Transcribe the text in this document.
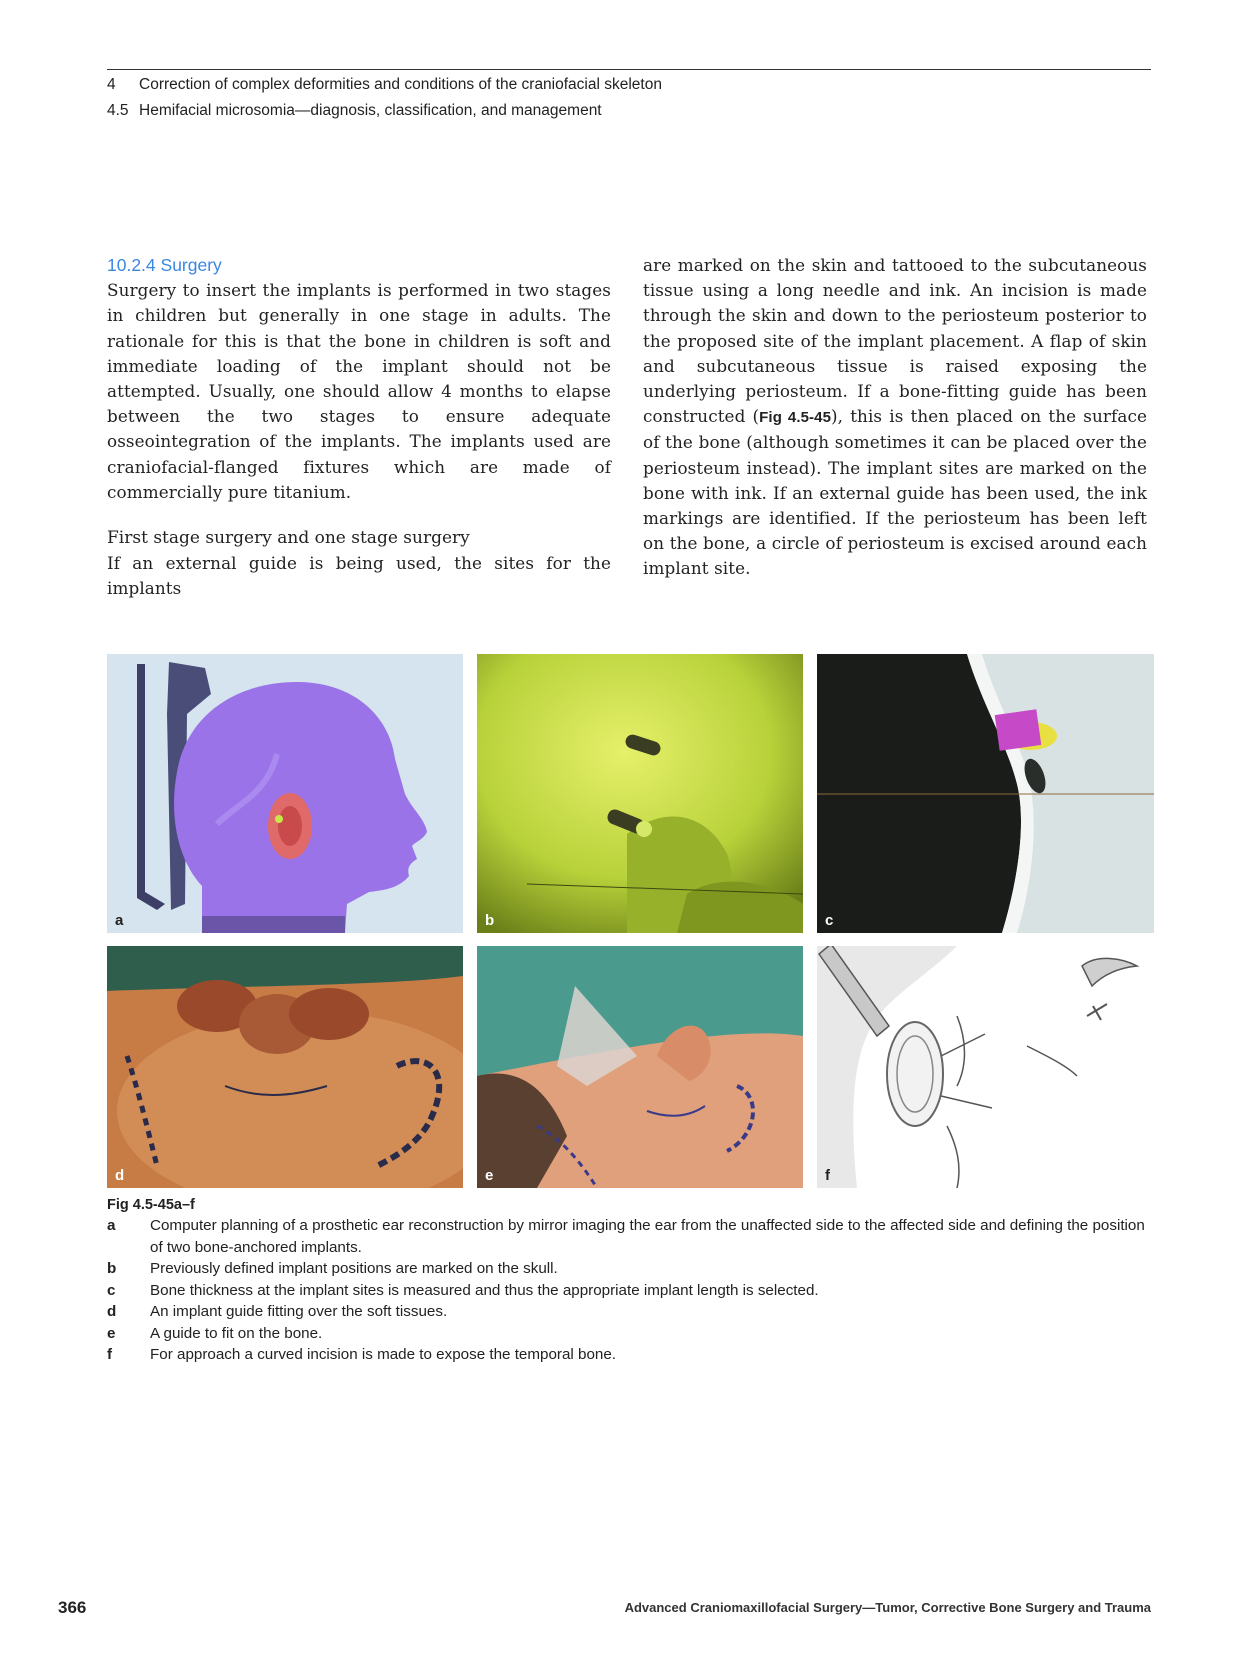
4 Correction of complex deformities and conditions of the craniofacial skeleton
4.5 Hemifacial microsomia—diagnosis, classification, and management
10.2.4 Surgery

Surgery to insert the implants is performed in two stages in children but generally in one stage in adults. The rationale for this is that the bone in children is soft and immediate loading of the implant should not be attempted. Usually, one should allow 4 months to elapse between the two stages to ensure adequate osseointegration of the implants. The implants used are craniofacial-flanged fixtures which are made of commercially pure titanium.

First stage surgery and one stage surgery

If an external guide is being used, the sites for the implants

are marked on the skin and tattooed to the subcutaneous tissue using a long needle and ink. An incision is made through the skin and down to the periosteum posterior to the proposed site of the implant placement. A flap of skin and subcutaneous tissue is raised exposing the underlying periosteum. If a bone-fitting guide has been constructed (Fig 4.5-45), this is then placed on the surface of the bone (although sometimes it can be placed over the periosteum instead). The implant sites are marked on the bone with ink. If an external guide has been used, the ink markings are identified. If the periosteum has been left on the bone, a circle of periosteum is excised around each implant site.

a	b	c
d	e	f
Fig 4.5-45a–f
a	Computer planning of a prosthetic ear reconstruction by mirror imaging the ear from the unaffected side to the affected side and defining the position of two bone-anchored implants.
b	Previously defined implant positions are marked on the skull.
c	Bone thickness at the implant sites is measured and thus the appropriate implant length is selected.
d	An implant guide fitting over the soft tissues.
e	A guide to fit on the bone.
f	For approach a curved incision is made to expose the temporal bone.
366	Advanced Craniomaxillofacial Surgery—Tumor, Corrective Bone Surgery and Trauma
